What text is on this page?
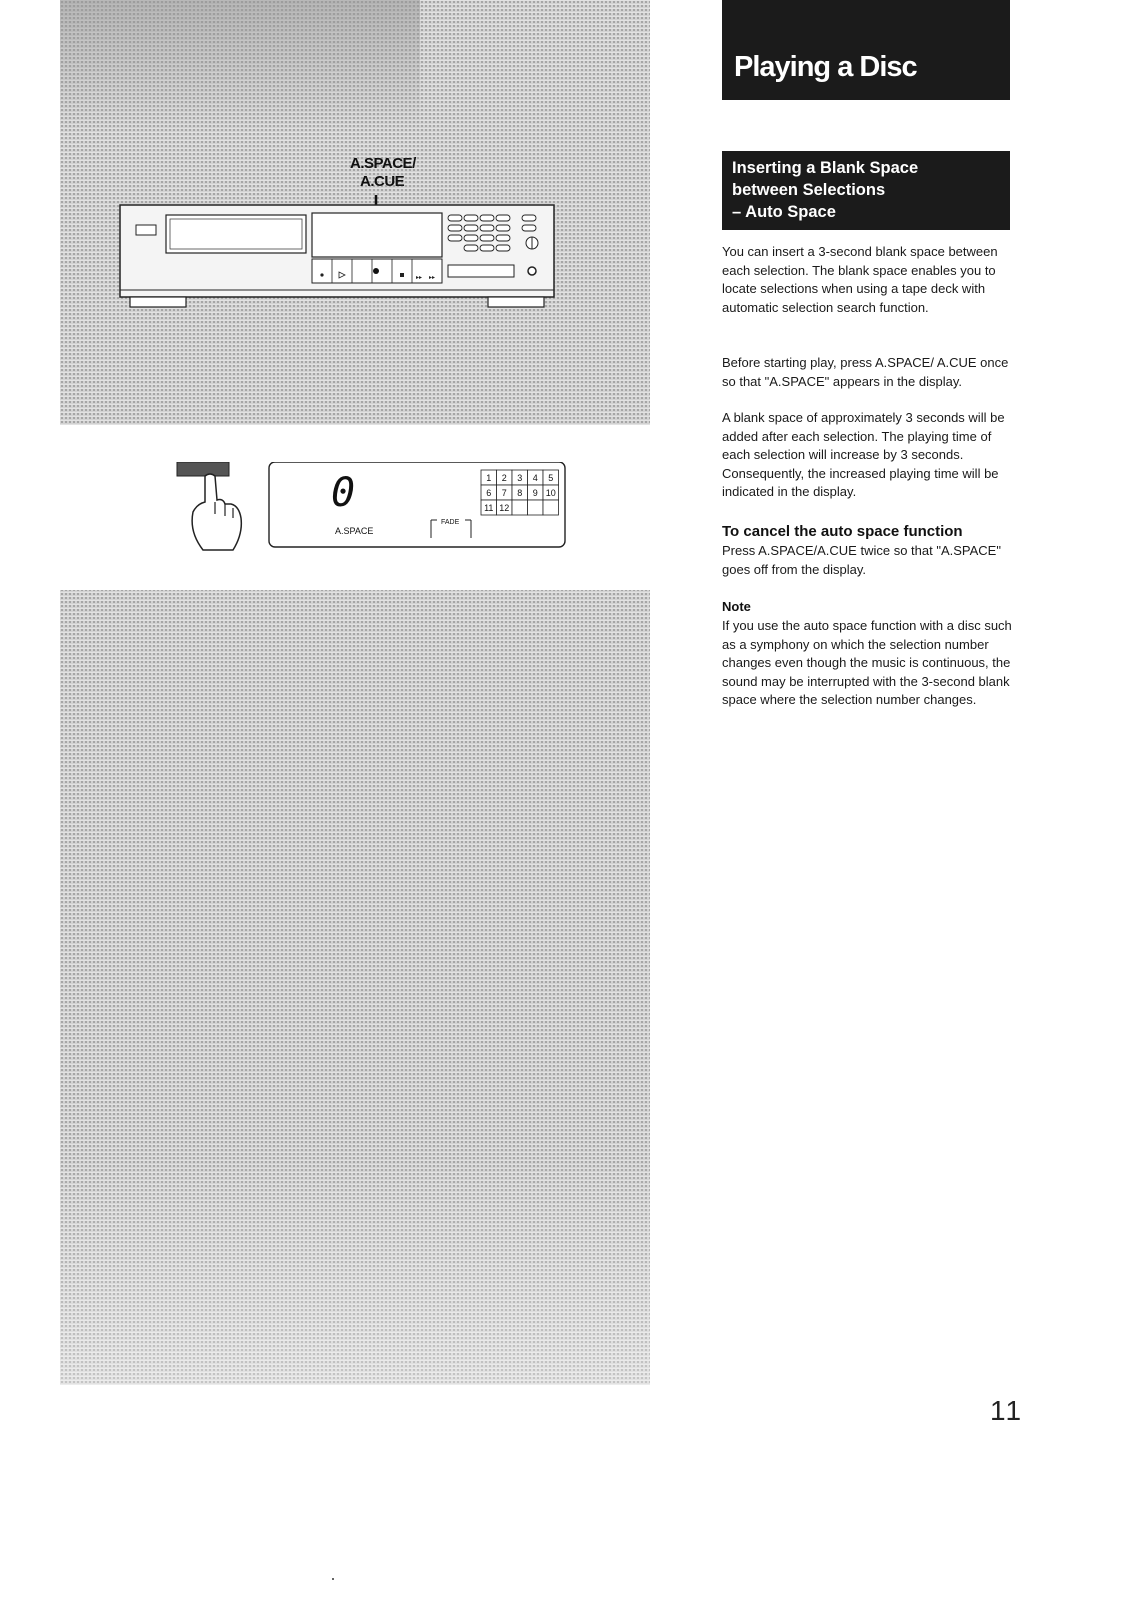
A.SPACE/
A.CUE
▸▸ ▸▸
0
A.SPACE
FADE
1 2 3 4 5
6 7 8 9 10
11 12
Playing a Disc
Inserting a Blank Space
between Selections
– Auto Space

You can insert a 3-second blank space between each selection. The blank space enables you to locate selections when using a tape deck with automatic selection search function.

Before starting play, press A.SPACE/ A.CUE once so that "A.SPACE" appears in the display.

A blank space of approximately 3 seconds will be added after each selection. The playing time of each selection will increase by 3 seconds. Consequently, the increased playing time will be indicated in the display.

To cancel the auto space function

Press A.SPACE/A.CUE twice so that "A.SPACE" goes off from the display.

Note

If you use the auto space function with a disc such as a symphony on which the selection number changes even though the music is continuous, the sound may be interrupted with the 3-second blank space where the selection number changes.

11
